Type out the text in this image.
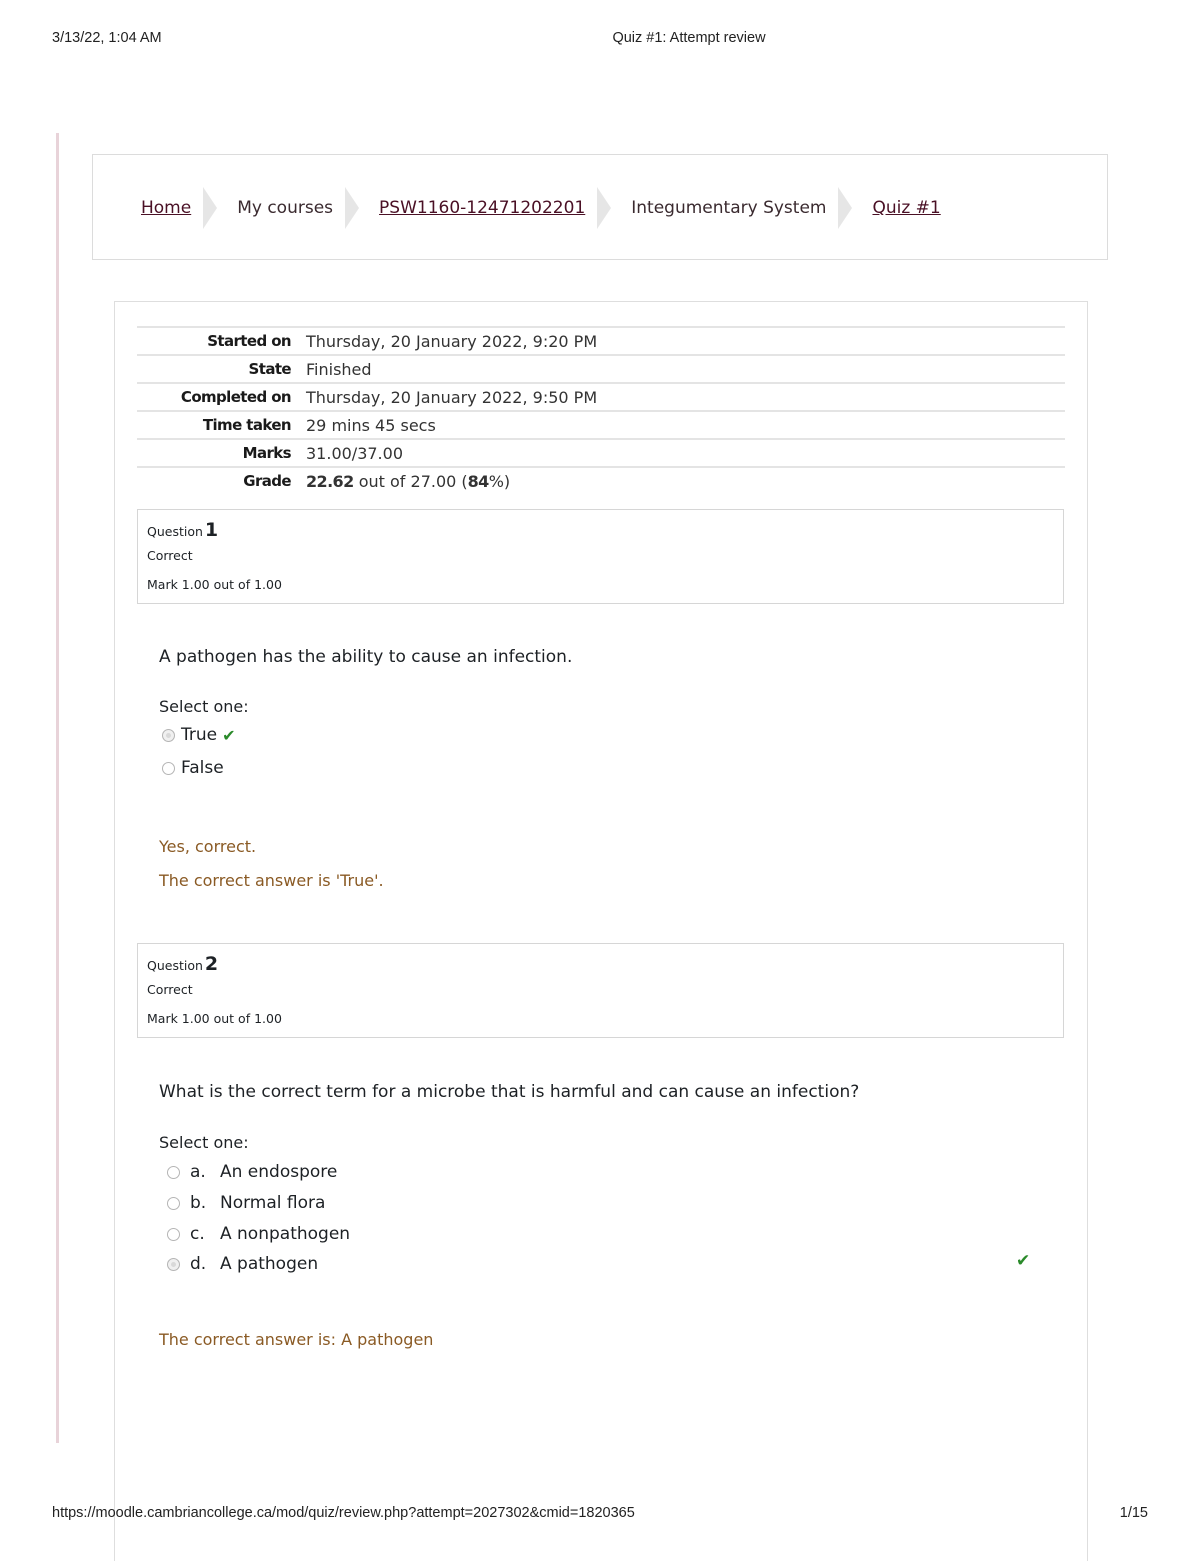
3/13/22, 1:04 AM	Quiz #1: Attempt review
Home	My courses	PSW1160-12471202201	Integumentary System	Quiz #1
Started on Thursday, 20 January 2022, 9:20 PM
State Finished
Completed on Thursday, 20 January 2022, 9:50 PM
Time taken 29 mins 45 secs
Marks 31.00/37.00
Grade 22.62 out of 27.00 (84%)
Question 1
Correct
Mark 1.00 out of 1.00
A pathogen has the ability to cause an infection.
Select one:
True ✔
False
Yes, correct.
The correct answer is 'True'.
Question 2
Correct
Mark 1.00 out of 1.00
What is the correct term for a microbe that is harmful and can cause an infection?
Select one:
a. An endospore
b. Normal flora
c. A nonpathogen
d. A pathogen	✔
The correct answer is: A pathogen
https://moodle.cambriancollege.ca/mod/quiz/review.php?attempt=2027302&cmid=1820365	1/15
